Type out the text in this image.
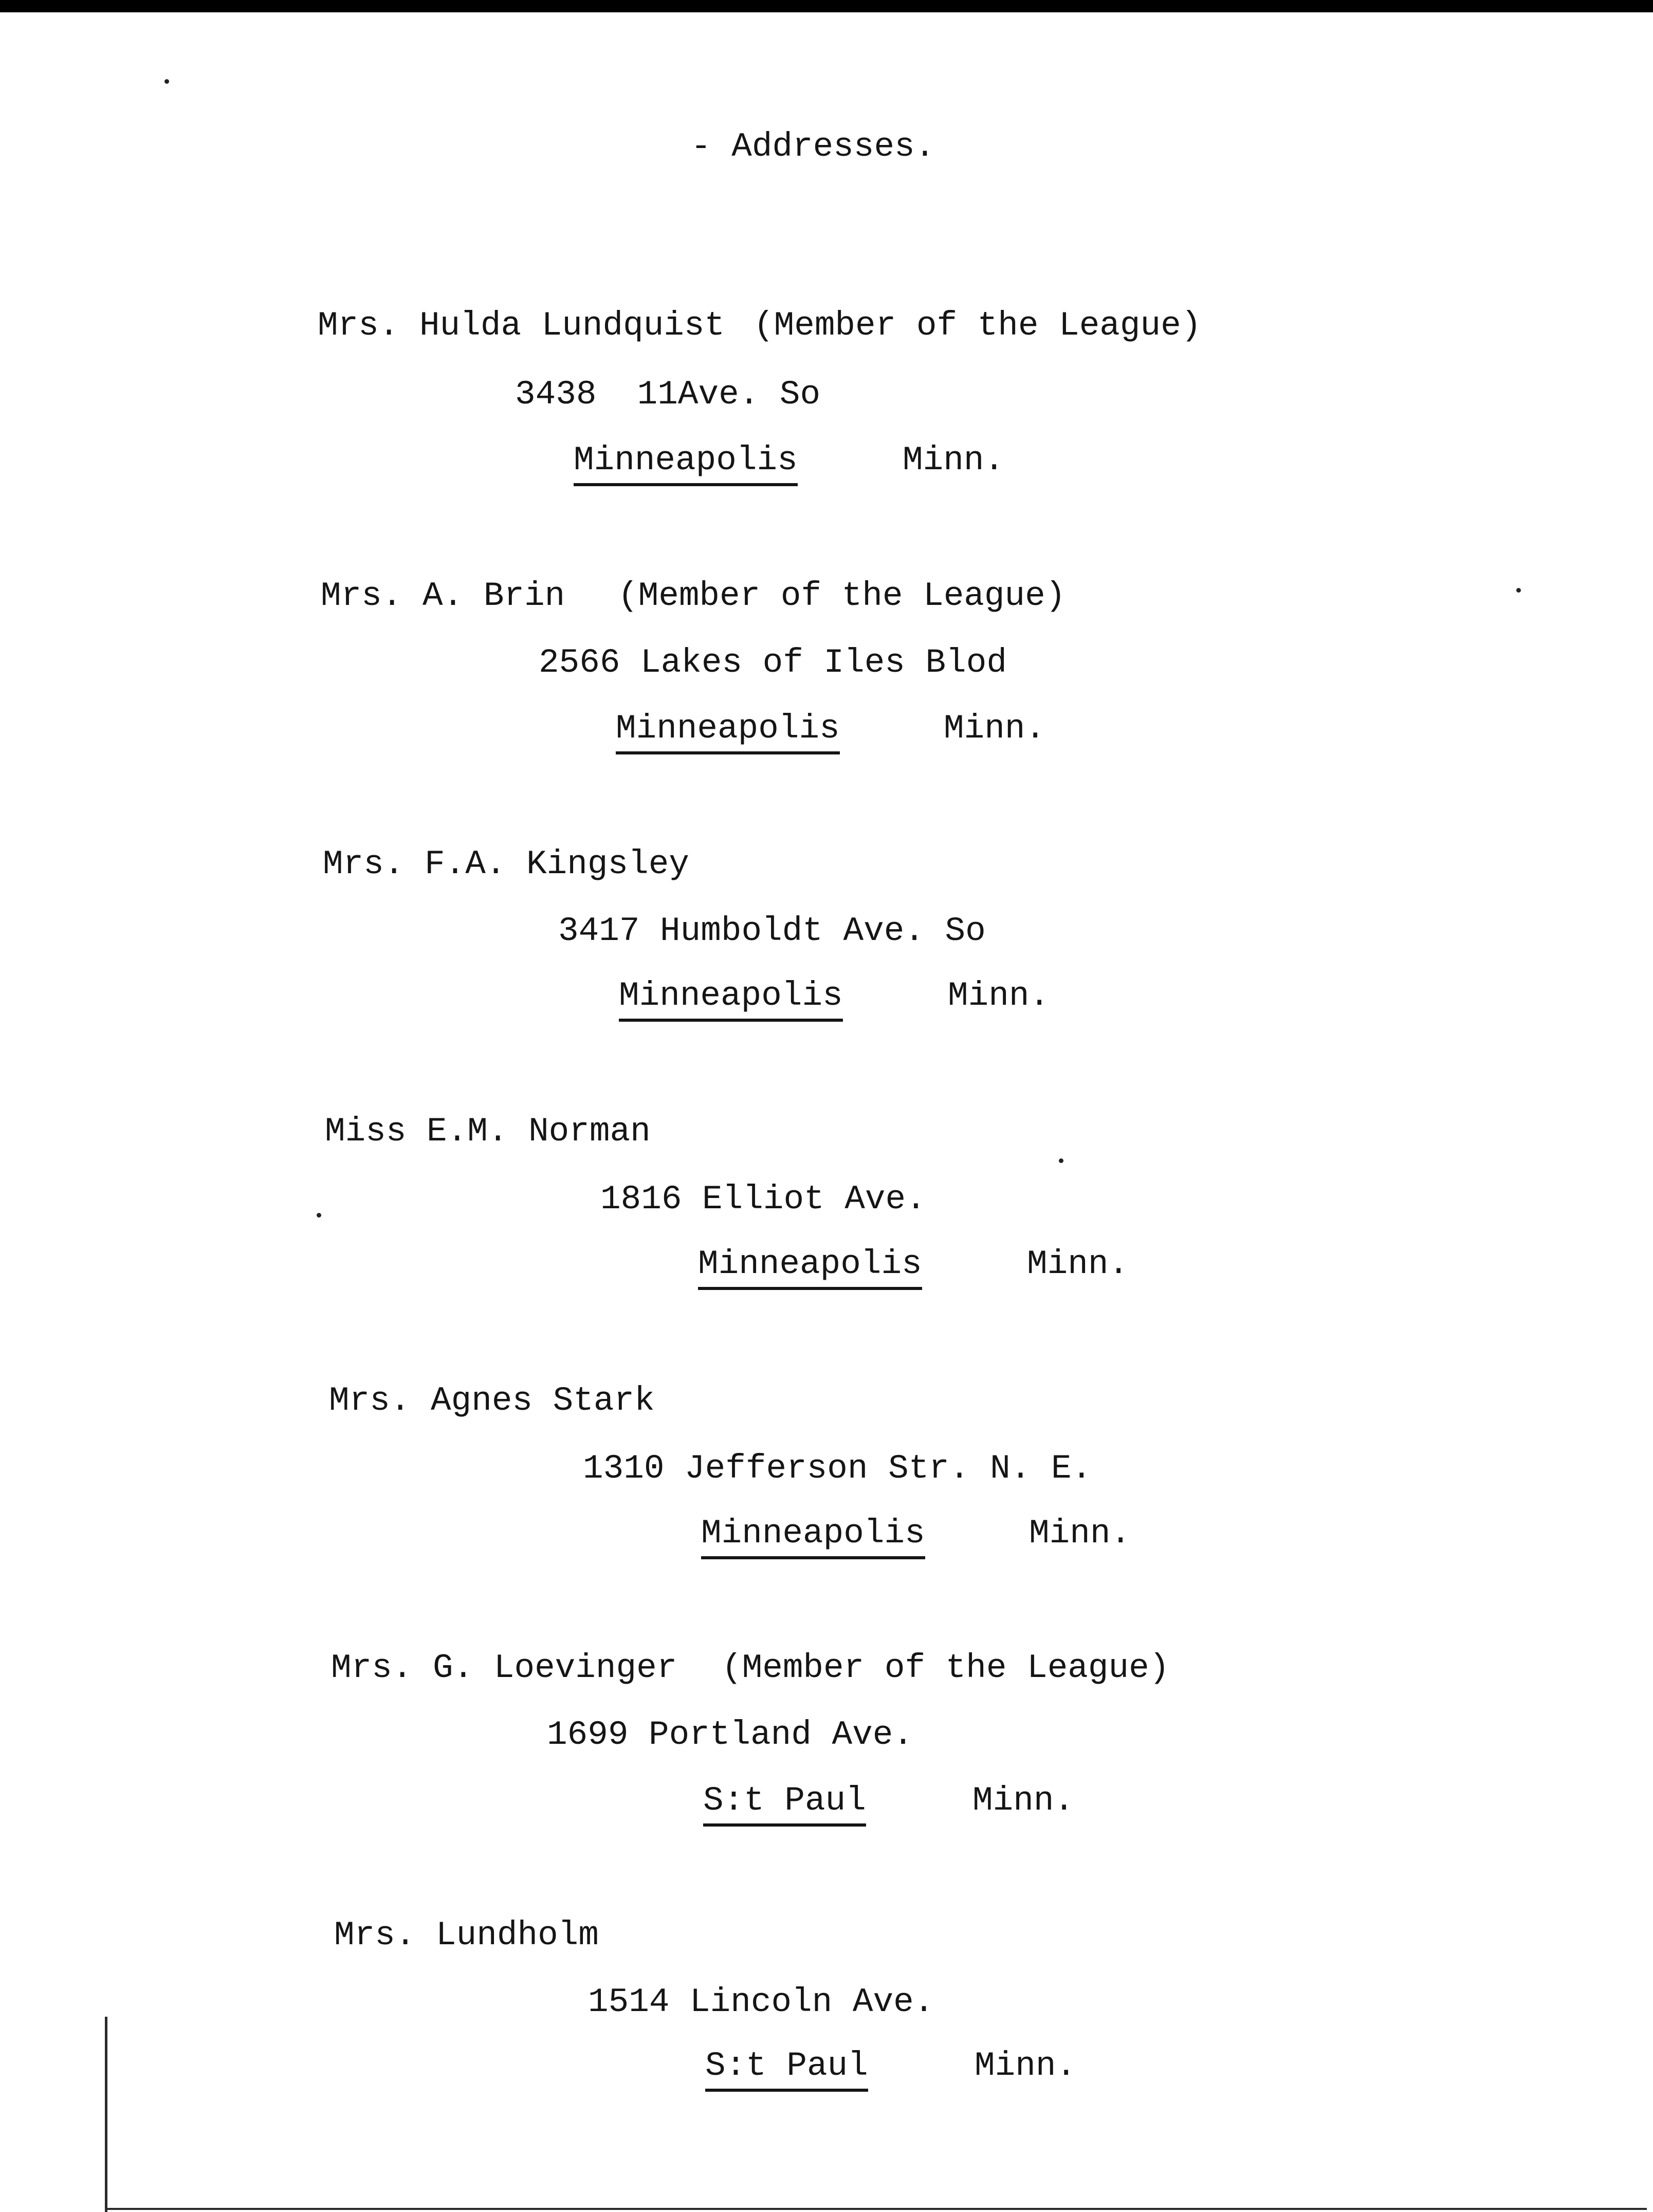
- Addresses.
Mrs. Hulda Lundquist (Member of the League)
3438  11Ave. So
Minneapolis	Minn.
Mrs. A. Brin (Member of the League)
2566 Lakes of Iles Blod
Minneapolis	Minn.
Mrs. F.A. Kingsley
3417 Humboldt Ave. So
Minneapolis	Minn.
Miss E.M. Norman
1816 Elliot Ave.
Minneapolis	Minn.
Mrs. Agnes Stark
1310 Jefferson Str. N. E.
Minneapolis	Minn.
Mrs. G. Loevinger (Member of the League)
1699 Portland Ave.
S:t Paul	Minn.
Mrs. Lundholm
1514 Lincoln Ave.
S:t Paul	Minn.
